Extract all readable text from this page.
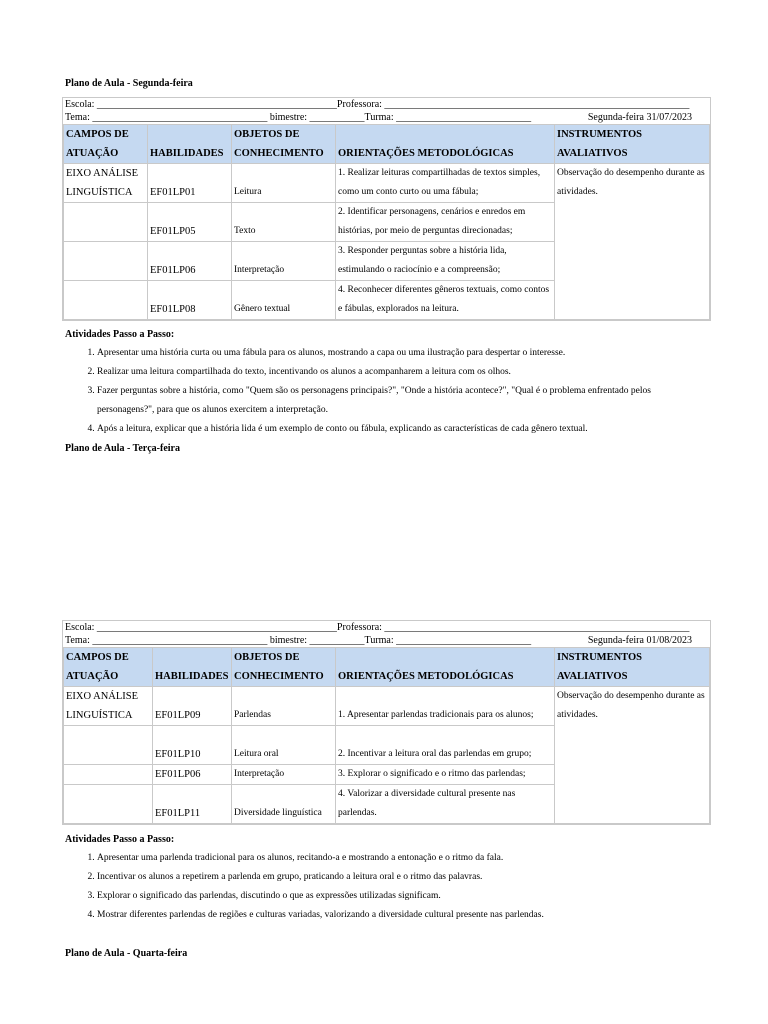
Plano de Aula - Segunda-feira
Escola: ________________________________________________Professora: _____________________________________________________________
Tema: ___________________________________ bimestre: ___________Turma: ___________________________	Segunda-feira 31/07/2023
CAMPOS DE ATUAÇÃO	HABILIDADES	OBJETOS DE CONHECIMENTO	ORIENTAÇÕES METODOLÓGICAS	INSTRUMENTOS AVALIATIVOS
EIXO ANÁLISE LINGUÍSTICA	EF01LP01	Leitura	1. Realizar leituras compartilhadas de textos simples, como um conto curto ou uma fábula;	Observação do desempenho durante as atividades.
	EF01LP05	Texto	2. Identificar personagens, cenários e enredos em histórias, por meio de perguntas direcionadas;	
	EF01LP06	Interpretação	3. Responder perguntas sobre a história lida, estimulando o raciocínio e a compreensão;	
	EF01LP08	Gênero textual	4. Reconhecer diferentes gêneros textuais, como contos e fábulas, explorados na leitura.	
Atividades Passo a Passo:
1. Apresentar uma história curta ou uma fábula para os alunos, mostrando a capa ou uma ilustração para despertar o interesse.
2. Realizar uma leitura compartilhada do texto, incentivando os alunos a acompanharem a leitura com os olhos.
3. Fazer perguntas sobre a história, como "Quem são os personagens principais?", "Onde a história acontece?", "Qual é o problema enfrentado pelos personagens?", para que os alunos exercitem a interpretação.
4. Após a leitura, explicar que a história lida é um exemplo de conto ou fábula, explicando as características de cada gênero textual.
Plano de Aula - Terça-feira
Escola: ________________________________________________Professora: _____________________________________________________________
Tema: ___________________________________ bimestre: ___________Turma: ___________________________	Segunda-feira 01/08/2023
CAMPOS DE ATUAÇÃO	HABILIDADES	OBJETOS DE CONHECIMENTO	ORIENTAÇÕES METODOLÓGICAS	INSTRUMENTOS AVALIATIVOS
EIXO ANÁLISE LINGUÍSTICA	EF01LP09	Parlendas	1. Apresentar parlendas tradicionais para os alunos;	Observação do desempenho durante as atividades.
	EF01LP10	Leitura oral	2. Incentivar a leitura oral das parlendas em grupo;	
	EF01LP06	Interpretação	3. Explorar o significado e o ritmo das parlendas;	
	EF01LP11	Diversidade linguística	4. Valorizar a diversidade cultural presente nas parlendas.	
Atividades Passo a Passo:
1. Apresentar uma parlenda tradicional para os alunos, recitando-a e mostrando a entonação e o ritmo da fala.
2. Incentivar os alunos a repetirem a parlenda em grupo, praticando a leitura oral e o ritmo das palavras.
3. Explorar o significado das parlendas, discutindo o que as expressões utilizadas significam.
4. Mostrar diferentes parlendas de regiões e culturas variadas, valorizando a diversidade cultural presente nas parlendas.
Plano de Aula - Quarta-feira
